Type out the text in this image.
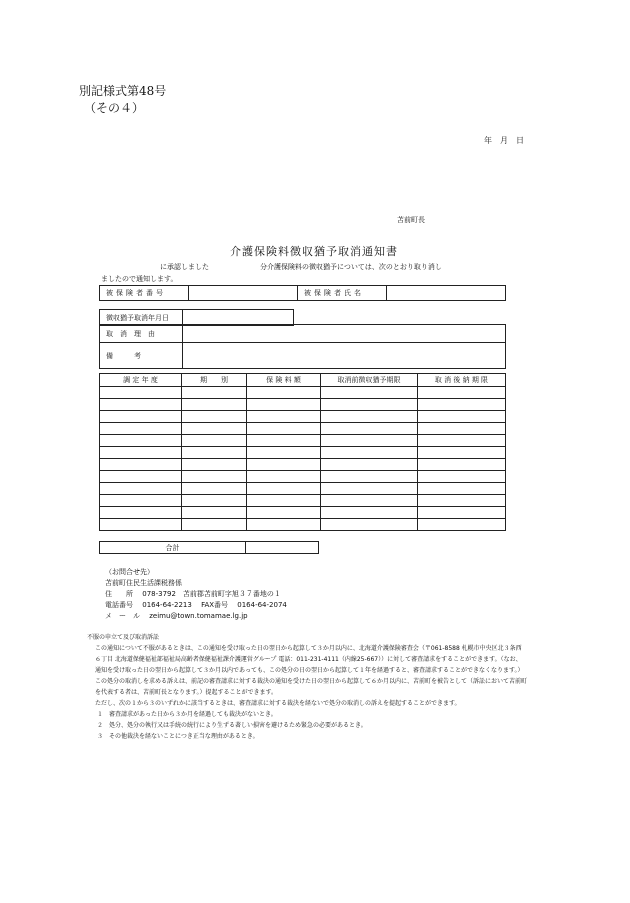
別記様式第48号
（その４）
年　月　日
苫前町長
介護保険料徴収猶予取消通知書
に承認しました	分介護保険料の徴収猶予については、次のとおり取り消し
ましたので通知します。
被保険者番号		被保険者氏名	
徴収猶予取消年月日	
取　消　理　由	
備　　　考	
調 定 年 度	期　　別	保 険 料 額	取消前徴収猶予期限	取 消 後 納 期 限

合計	
（お問合せ先）
苫前町住民生活課税務係
住　　所　 078-3792　苫前郡苫前町字旭３７番地の１
電話番号　 0164-64-2213　 FAX番号　 0164-64-2074
メ　ー　ル　 zeimu@town.tomamae.lg.jp

不服の申立て及び取消訴訟

この通知について不服があるときは、この通知を受け取った日の翌日から起算して３か月以内に、北海道介護保険審査会（〒061-8588 札幌市中央区北３条西６丁目 北海道保健福祉部福祉局高齢者保健福祉課介護運営グループ 電話：011-231-4111（内線25-667））に対して審査請求をすることができます。（なお、通知を受け取った日の翌日から起算して３か月以内であっても、この処分の日の翌日から起算して１年を経過すると、審査請求することができなくなります。）

この処分の取消しを求める訴えは、前記の審査請求に対する裁決の通知を受けた日の翌日から起算して６か月以内に、苫前町を被告として（訴訟において苫前町を代表する者は、苫前町長となります。）提起することができます。

ただし、次の１から３のいずれかに該当するときは、審査請求に対する裁決を経ないで処分の取消しの訴えを提起することができます。

１　審査請求があった日から３か月を経過しても裁決がないとき。

２　処分、処分の執行又は手続の続行により生ずる著しい損害を避けるため緊急の必要があるとき。

３　その他裁決を経ないことにつき正当な理由があるとき。
